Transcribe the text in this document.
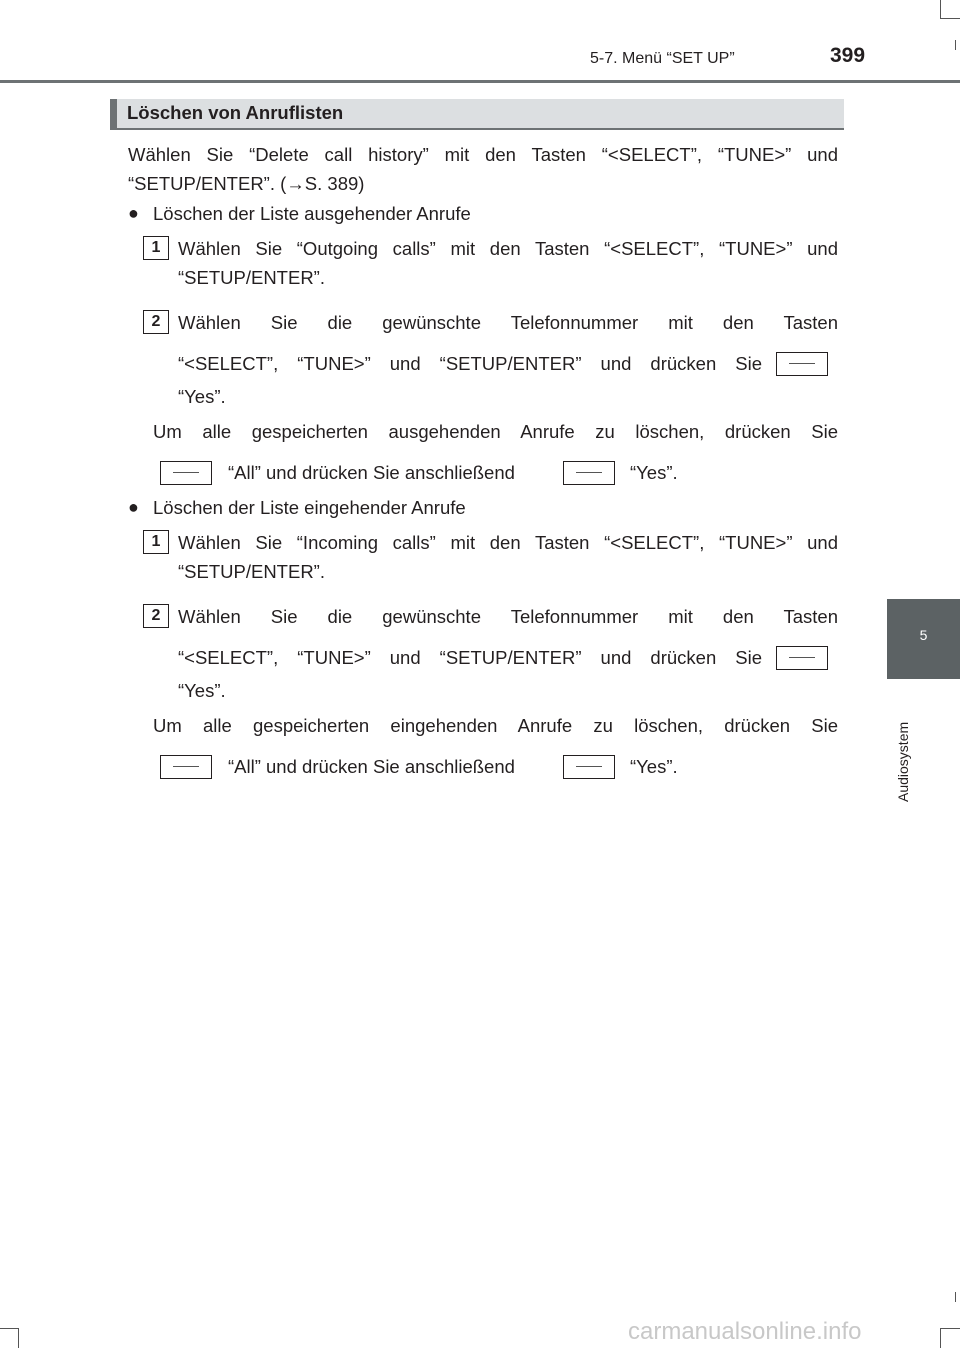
5-7. Menü “SET UP”	399
5
Audiosystem
Löschen von Anruflisten
Wählen Sie “Delete call history” mit den Tasten “<SELECT”, “TUNE>” und
“SETUP/ENTER”. (→S. 389)
● Löschen der Liste ausgehender Anrufe
1 Wählen Sie “Outgoing calls” mit den Tasten “<SELECT”, “TUNE>” und
“SETUP/ENTER”.
2 Wählen Sie die gewünschte Telefonnummer mit den Tasten
“<SELECT”, “TUNE>” und “SETUP/ENTER” und drücken Sie
“Yes”.
Um alle gespeicherten ausgehenden Anrufe zu löschen, drücken Sie
“All” und drücken Sie anschließend	“Yes”.
● Löschen der Liste eingehender Anrufe
1 Wählen Sie “Incoming calls” mit den Tasten “<SELECT”, “TUNE>” und
“SETUP/ENTER”.
2 Wählen Sie die gewünschte Telefonnummer mit den Tasten
“<SELECT”, “TUNE>” und “SETUP/ENTER” und drücken Sie
“Yes”.
Um alle gespeicherten eingehenden Anrufe zu löschen, drücken Sie
“All” und drücken Sie anschließend	“Yes”.
carmanualsonline.info
